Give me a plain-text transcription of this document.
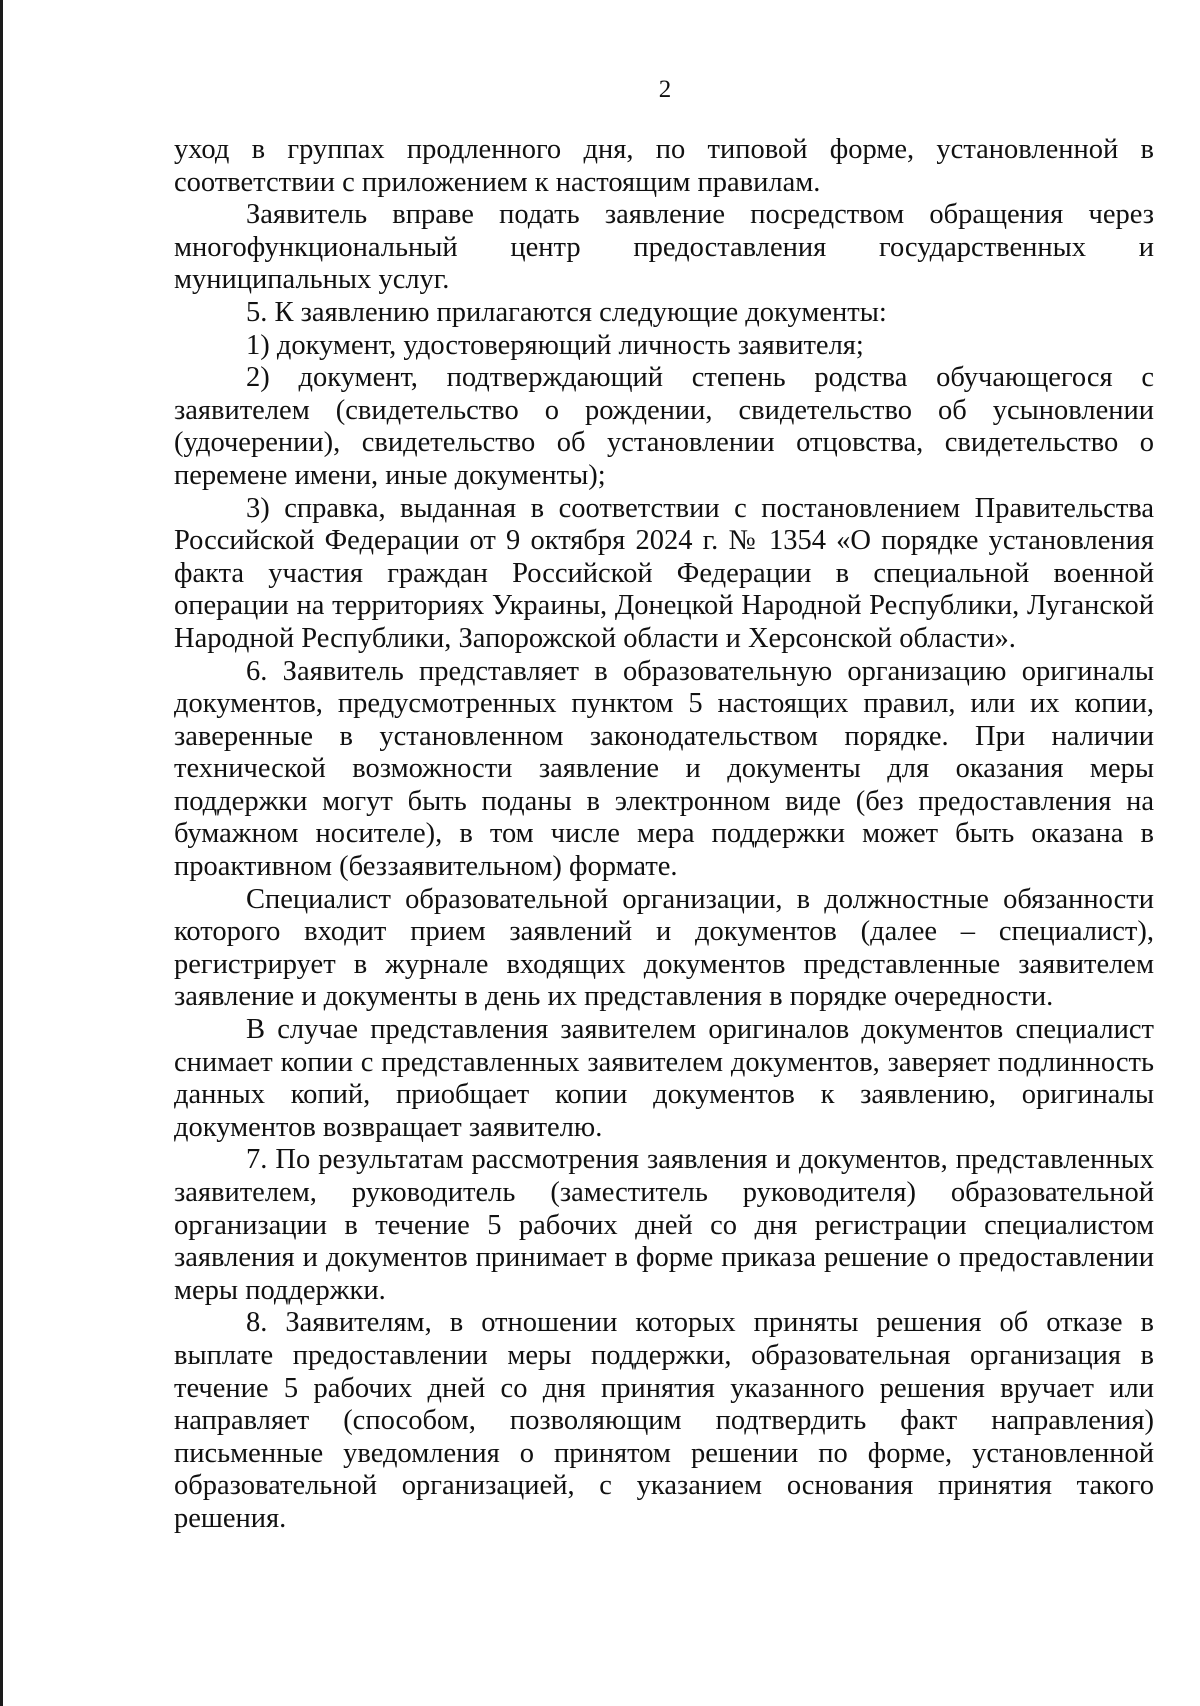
2

уход в группах продленного дня, по типовой форме, установленной в соответствии с приложением к настоящим правилам.

Заявитель вправе подать заявление посредством обращения через многофункциональный центр предоставления государственных и муниципальных услуг.

5. К заявлению прилагаются следующие документы:

1) документ, удостоверяющий личность заявителя;

2) документ, подтверждающий степень родства обучающегося с заявителем (свидетельство о рождении, свидетельство об усыновлении (удочерении), свидетельство об установлении отцовства, свидетельство о перемене имени, иные документы);

3) справка, выданная в соответствии с постановлением Правительства Российской Федерации от 9 октября 2024 г. № 1354 «О порядке установления факта участия граждан Российской Федерации в специальной военной операции на территориях Украины, Донецкой Народной Республики, Луганской Народной Республики, Запорожской области и Херсонской области».

6. Заявитель представляет в образовательную организацию оригиналы документов, предусмотренных пунктом 5 настоящих правил, или их копии, заверенные в установленном законодательством порядке. При наличии технической возможности заявление и документы для оказания меры поддержки могут быть поданы в электронном виде (без предоставления на бумажном носителе), в том числе мера поддержки может быть оказана в проактивном (беззаявительном) формате.

Специалист образовательной организации, в должностные обязанности которого входит прием заявлений и документов (далее – специалист), регистрирует в журнале входящих документов представленные заявителем заявление и документы в день их представления в порядке очередности.

В случае представления заявителем оригиналов документов специалист снимает копии с представленных заявителем документов, заверяет подлинность данных копий, приобщает копии документов к заявлению, оригиналы документов возвращает заявителю.

7. По результатам рассмотрения заявления и документов, представленных заявителем, руководитель (заместитель руководителя) образовательной организации в течение 5 рабочих дней со дня регистрации специалистом заявления и документов принимает в форме приказа решение о предоставлении меры поддержки.

8. Заявителям, в отношении которых приняты решения об отказе в выплате предоставлении меры поддержки, образовательная организация в течение 5 рабочих дней со дня принятия указанного решения вручает или направляет (способом, позволяющим подтвердить факт направления) письменные уведомления о принятом решении по форме, установленной образовательной организацией, с указанием основания принятия такого решения.
